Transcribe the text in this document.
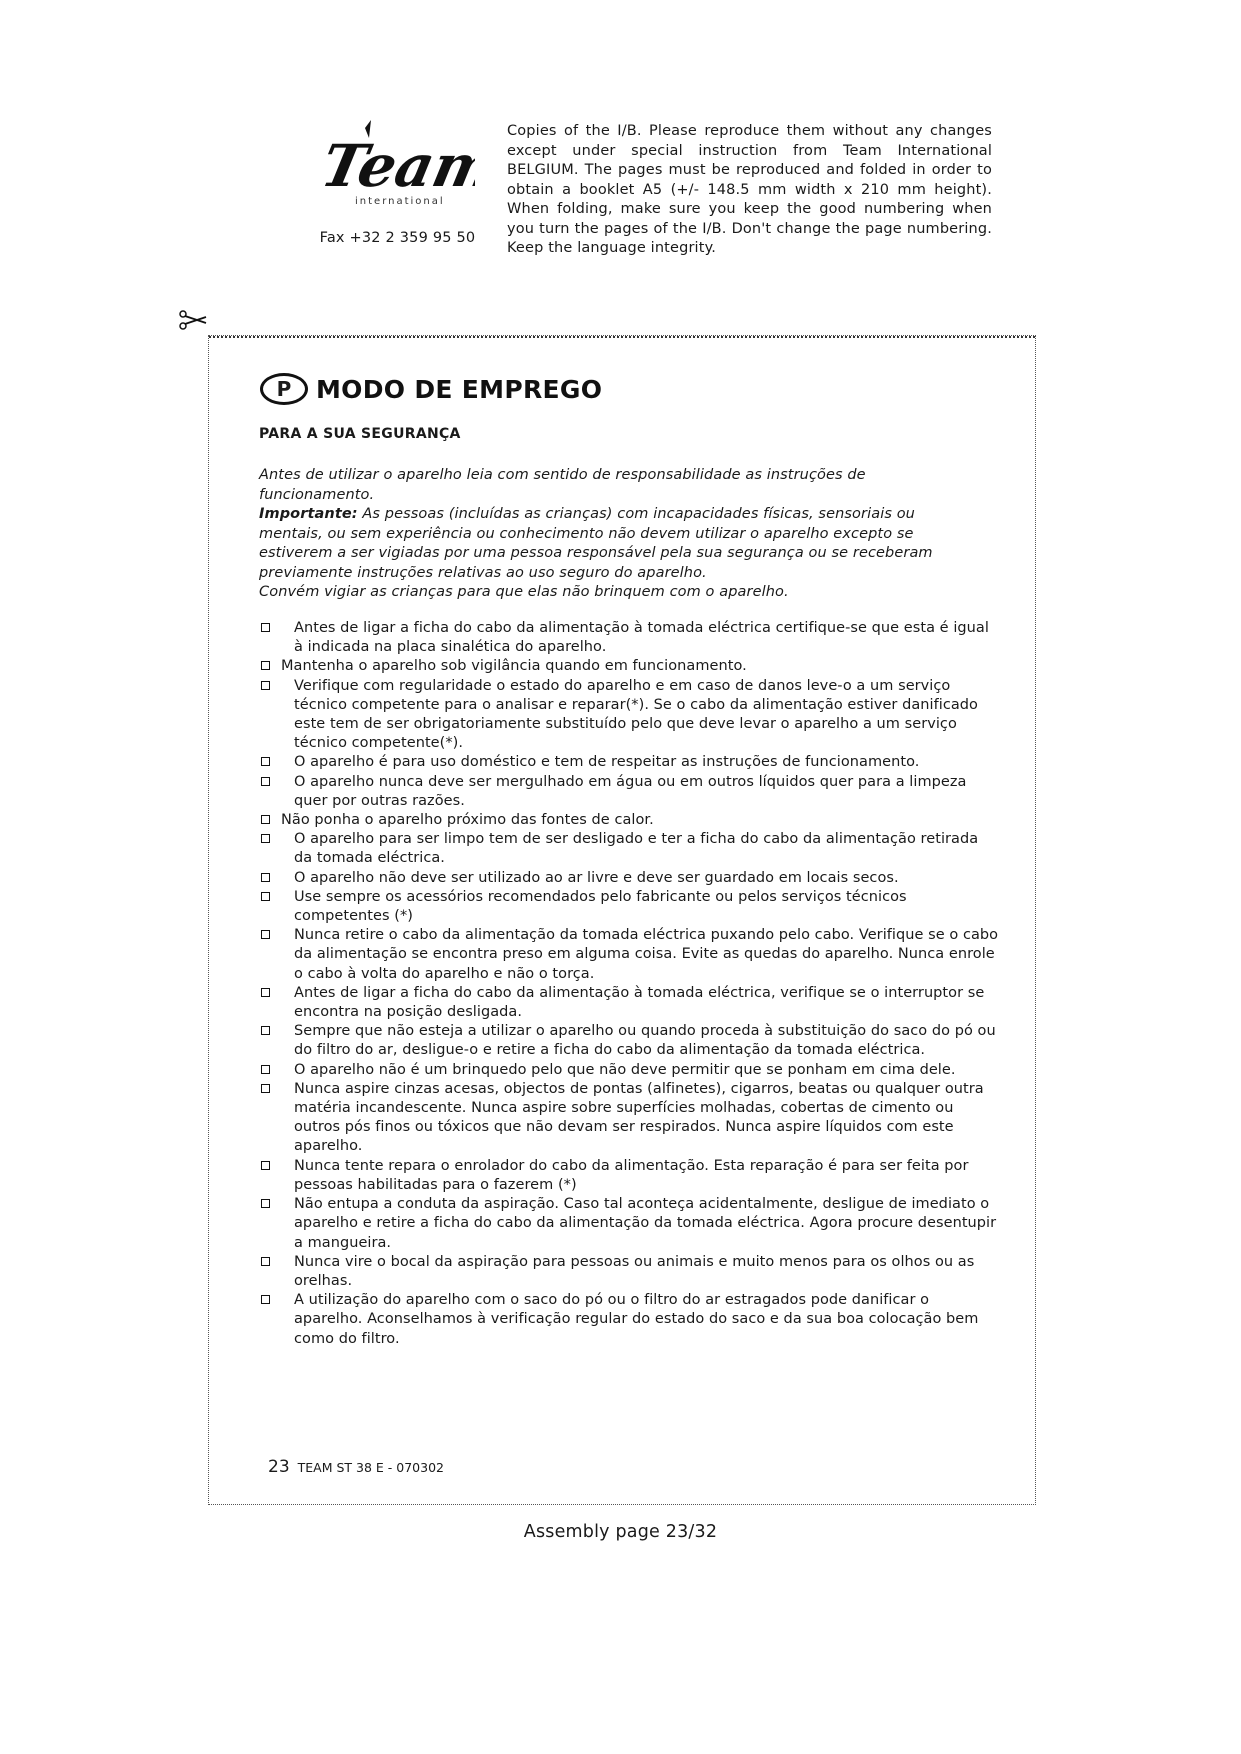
Team
international
Fax +32 2 359 95 50
Copies of the I/B. Please reproduce them without any changes except under special instruction from Team International BELGIUM. The pages must be reproduced and folded in order to obtain a booklet A5 (+/- 148.5 mm width x 210 mm height). When folding, make sure you keep the good numbering when you turn the pages of the I/B. Don't change the page numbering. Keep the language integrity.
P MODO DE EMPREGO
PARA A SUA SEGURANÇA

Antes de utilizar o aparelho leia com sentido de responsabilidade as instruções de funcionamento.

Importante: As pessoas (incluídas as crianças) com incapacidades físicas, sensoriais ou mentais, ou sem experiência ou conhecimento não devem utilizar o aparelho excepto se estiverem a ser vigiadas por uma pessoa responsável pela sua segurança ou se receberam previamente instruções relativas ao uso seguro do aparelho.

Convém vigiar as crianças para que elas não brinquem com o aparelho.

Antes de ligar a ficha do cabo da alimentação à tomada eléctrica certifique-se que esta é igual à indicada na placa sinalética do aparelho.
Mantenha o aparelho sob vigilância quando em funcionamento.
Verifique com regularidade o estado do aparelho e em caso de danos leve-o a um serviço técnico competente para o analisar e reparar(*). Se o cabo da alimentação estiver danificado este tem de ser obrigatoriamente substituído pelo que deve levar o aparelho a um serviço técnico competente(*).
O aparelho é para uso doméstico e tem de respeitar as instruções de funcionamento.
O aparelho nunca deve ser mergulhado em água ou em outros líquidos quer para a limpeza quer por outras razões.
Não ponha o aparelho próximo das fontes de calor.
O aparelho para ser limpo tem de ser desligado e ter a ficha do cabo da alimentação retirada da tomada eléctrica.
O aparelho não deve ser utilizado ao ar livre e deve ser guardado em locais secos.
Use sempre os acessórios recomendados pelo fabricante ou pelos serviços técnicos competentes (*)
Nunca retire o cabo da alimentação da tomada eléctrica puxando pelo cabo. Verifique se o cabo da alimentação se encontra preso em alguma coisa. Evite as quedas do aparelho. Nunca enrole o cabo à volta do aparelho e não o torça.
Antes de ligar a ficha do cabo da alimentação à tomada eléctrica, verifique se o interruptor se encontra na posição desligada.
Sempre que não esteja a utilizar o aparelho ou quando proceda à substituição do saco do pó ou do filtro do ar, desligue-o e retire a ficha do cabo da alimentação da tomada eléctrica.
O aparelho não é um brinquedo pelo que não deve permitir que se ponham em cima dele.
Nunca aspire cinzas acesas, objectos de pontas (alfinetes), cigarros, beatas ou qualquer outra matéria incandescente. Nunca aspire sobre superfícies molhadas, cobertas de cimento ou outros pós finos ou tóxicos que não devam ser respirados. Nunca aspire líquidos com este aparelho.
Nunca tente repara o enrolador do cabo da alimentação. Esta reparação é para ser feita por pessoas habilitadas para o fazerem (*)
Não entupa a conduta da aspiração. Caso tal aconteça acidentalmente, desligue de imediato o aparelho e retire a ficha do cabo da alimentação da tomada eléctrica. Agora procure desentupir a mangueira.
Nunca vire o bocal da aspiração para pessoas ou animais e muito menos para os olhos ou as orelhas.
A utilização do aparelho com o saco do pó ou o filtro do ar estragados pode danificar o aparelho. Aconselhamos à verificação regular do estado do saco e da sua boa colocação bem como do filtro.
23 TEAM ST 38 E - 070302
Assembly page 23/32
